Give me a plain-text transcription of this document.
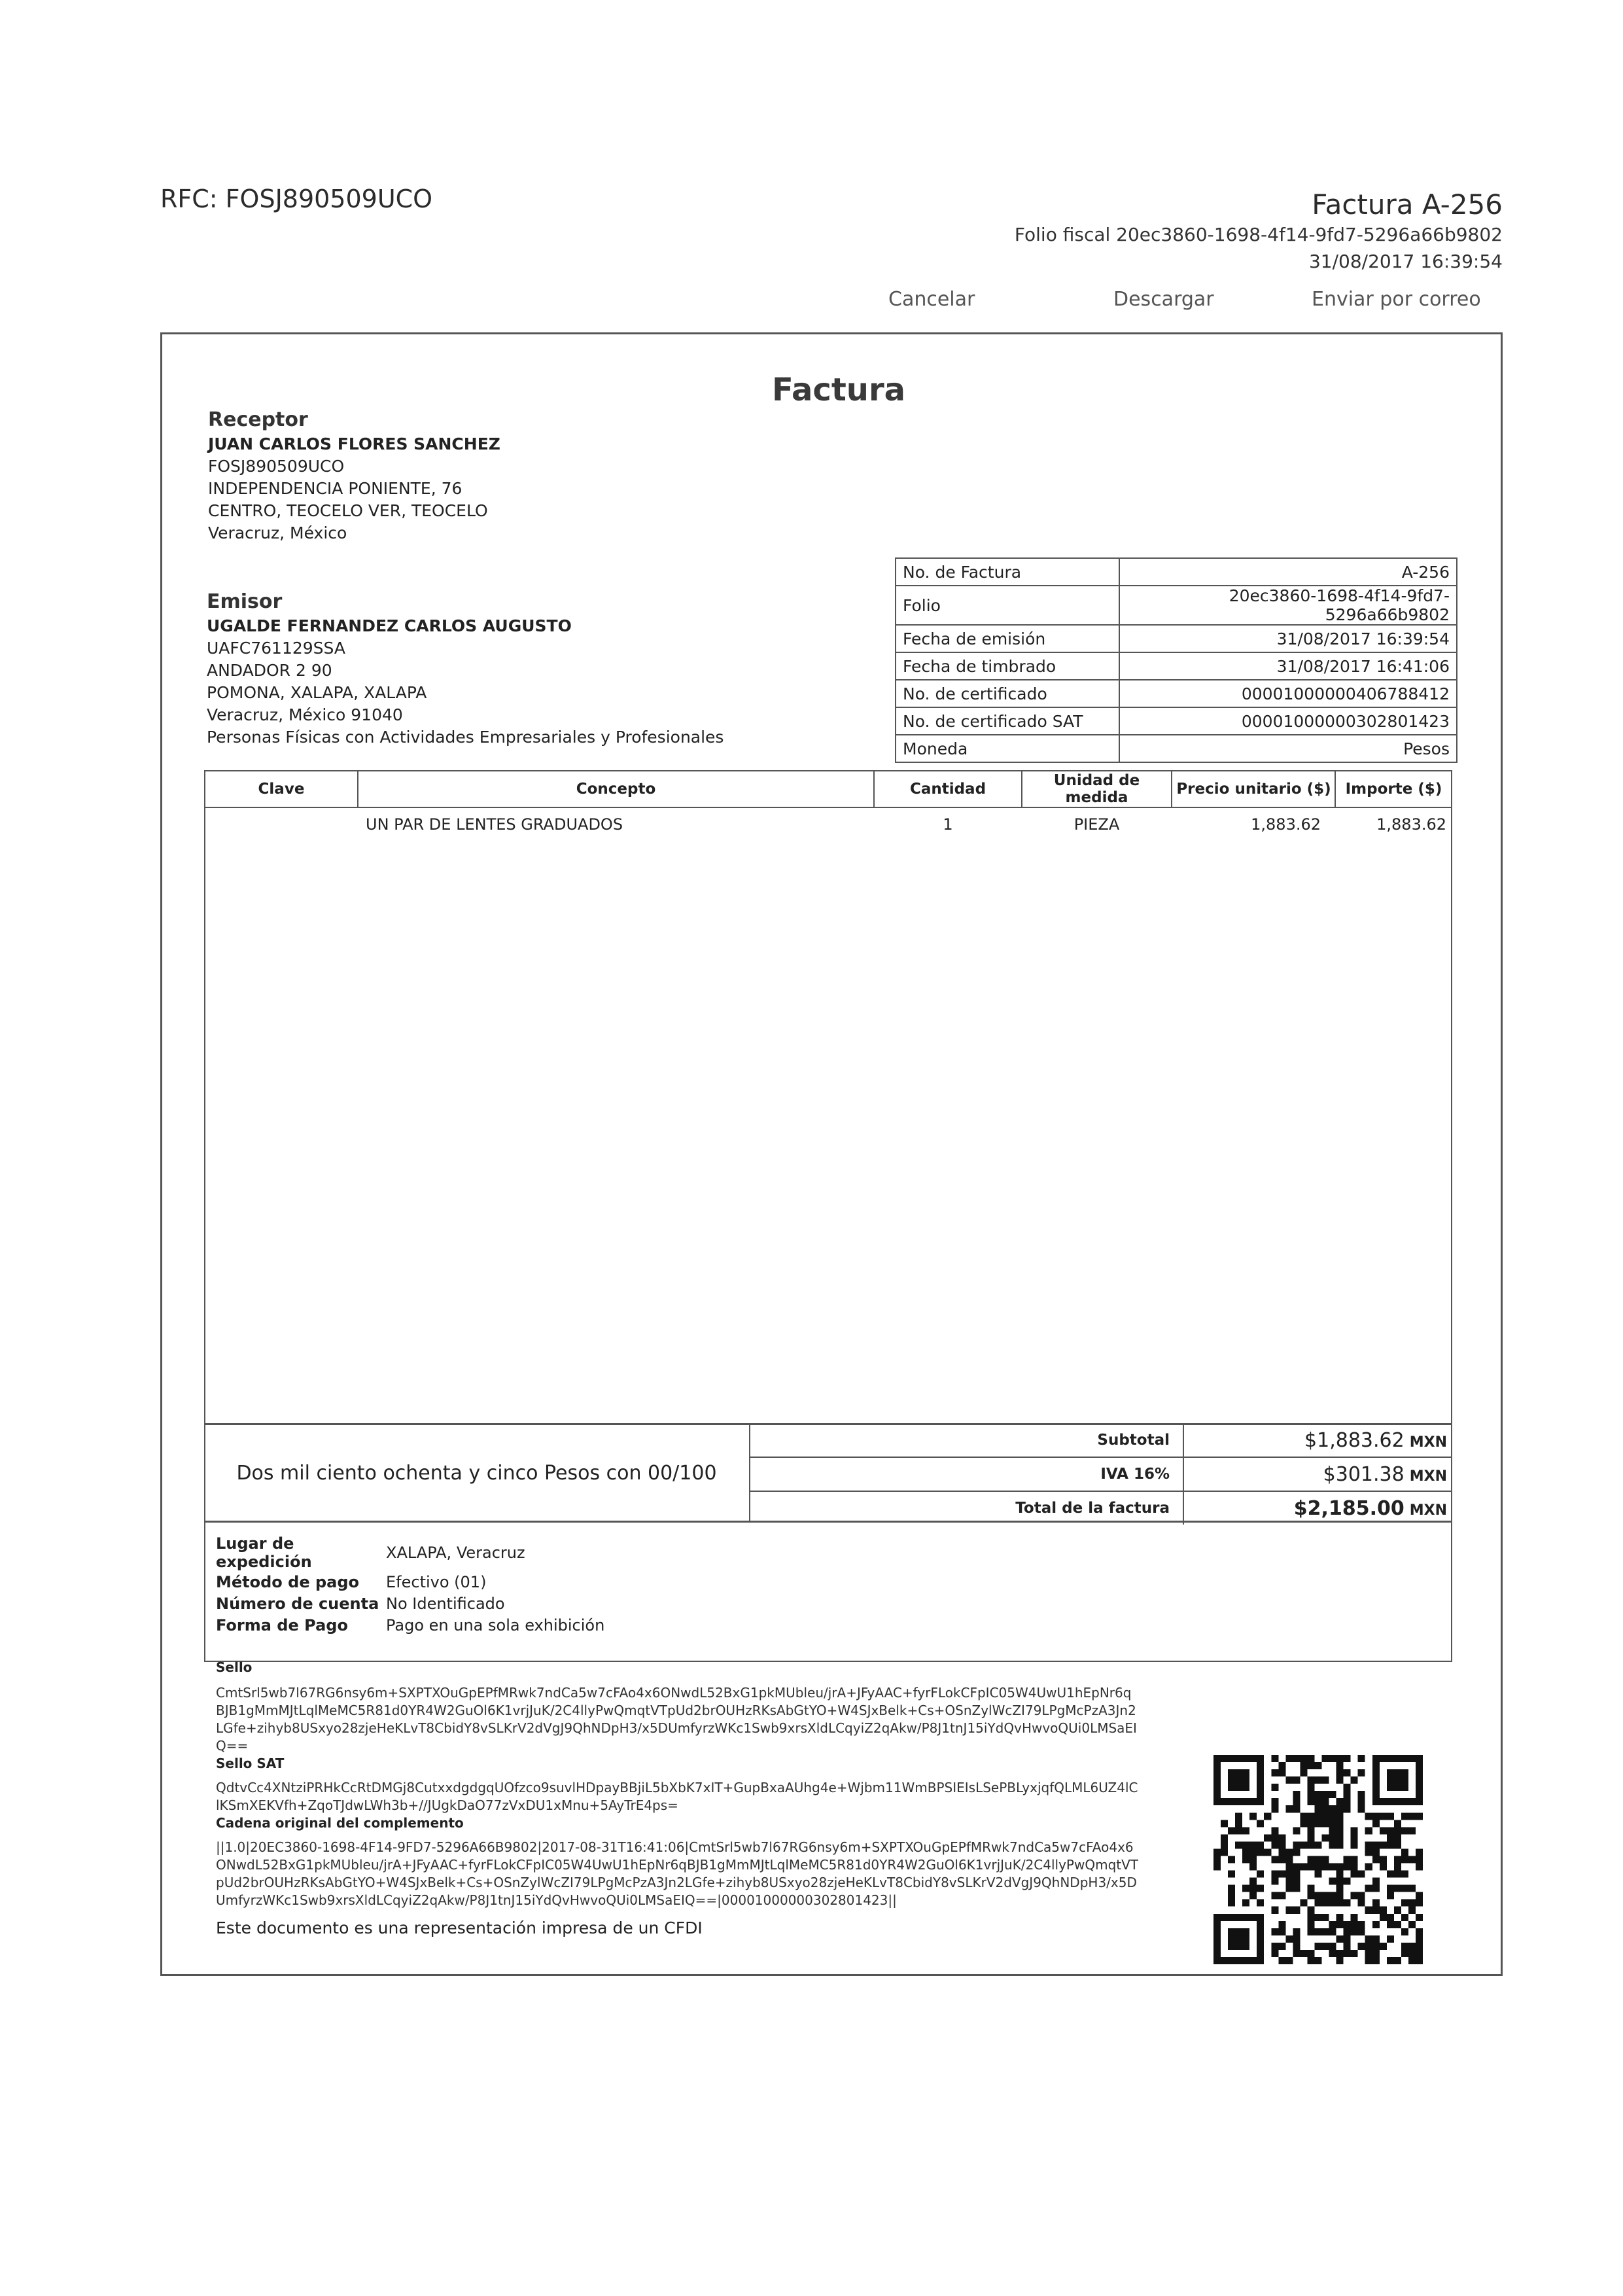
RFC: FOSJ890509UCO	Factura A-256
Folio fiscal 20ec3860-1698-4f14-9fd7-5296a66b9802
31/08/2017 16:39:54
Cancelar	Descargar	Enviar por correo
Factura
Receptor
JUAN CARLOS FLORES SANCHEZ
FOSJ890509UCO
INDEPENDENCIA PONIENTE, 76
CENTRO, TEOCELO VER, TEOCELO
Veracruz, México
Emisor
UGALDE FERNANDEZ CARLOS AUGUSTO
UAFC761129SSA
ANDADOR 2 90
POMONA, XALAPA, XALAPA
Veracruz, México 91040
Personas Físicas con Actividades Empresariales y Profesionales
No. de Factura	A-256
Folio	20ec3860-1698-4f14-9fd7-5296a66b9802
Fecha de emisión	31/08/2017 16:39:54
Fecha de timbrado	31/08/2017 16:41:06
No. de certificado	00001000000406788412
No. de certificado SAT	00001000000302801423
Moneda	Pesos
Clave	Concepto	Cantidad	Unidad de medida	Precio unitario ($)	Importe ($)
	UN PAR DE LENTES GRADUADOS	1	PIEZA	1,883.62	1,883.62
Dos mil ciento ochenta y cinco Pesos con 00/100
Subtotal	$1,883.62 MXN
IVA 16%	$301.38 MXN
Total de la factura	$2,185.00 MXN
Lugar de expedición	XALAPA, Veracruz
Método de pago	Efectivo (01)
Número de cuenta	No Identificado
Forma de Pago	Pago en una sola exhibición
Sello

CmtSrl5wb7l67RG6nsy6m+SXPTXOuGpEPfMRwk7ndCa5w7cFAo4x6ONwdL52BxG1pkMUbleu/jrA+JFyAAC+fyrFLokCFpIC05W4UwU1hEpNr6qBJB1gMmMJtLqlMeMC5R81d0YR4W2GuOl6K1vrjJuK/2C4llyPwQmqtVTpUd2brOUHzRKsAbGtYO+W4SJxBelk+Cs+OSnZylWcZI79LPgMcPzA3Jn2LGfe+zihyb8USxyo28zjeHeKLvT8CbidY8vSLKrV2dVgJ9QhNDpH3/x5DUmfyrzWKc1Swb9xrsXldLCqyiZ2qAkw/P8J1tnJ15iYdQvHwvoQUi0LMSaEIQ==

Sello SAT

QdtvCc4XNtziPRHkCcRtDMGj8CutxxdgdgqUOfzco9suvlHDpayBBjiL5bXbK7xIT+GupBxaAUhg4e+Wjbm11WmBPSIEIsLSePBLyxjqfQLML6UZ4lClKSmXEKVfh+ZqoTJdwLWh3b+//JUgkDaO77zVxDU1xMnu+5AyTrE4ps=

Cadena original del complemento

||1.0|20EC3860-1698-4F14-9FD7-5296A66B9802|2017-08-31T16:41:06|CmtSrl5wb7l67RG6nsy6m+SXPTXOuGpEPfMRwk7ndCa5w7cFAo4x6ONwdL52BxG1pkMUbleu/jrA+JFyAAC+fyrFLokCFpIC05W4UwU1hEpNr6qBJB1gMmMJtLqlMeMC5R81d0YR4W2GuOl6K1vrjJuK/2C4llyPwQmqtVTpUd2brOUHzRKsAbGtYO+W4SJxBelk+Cs+OSnZylWcZI79LPgMcPzA3Jn2LGfe+zihyb8USxyo28zjeHeKLvT8CbidY8vSLKrV2dVgJ9QhNDpH3/x5DUmfyrzWKc1Swb9xrsXldLCqyiZ2qAkw/P8J1tnJ15iYdQvHwvoQUi0LMSaEIQ==|00001000000302801423||

Este documento es una representación impresa de un CFDI
